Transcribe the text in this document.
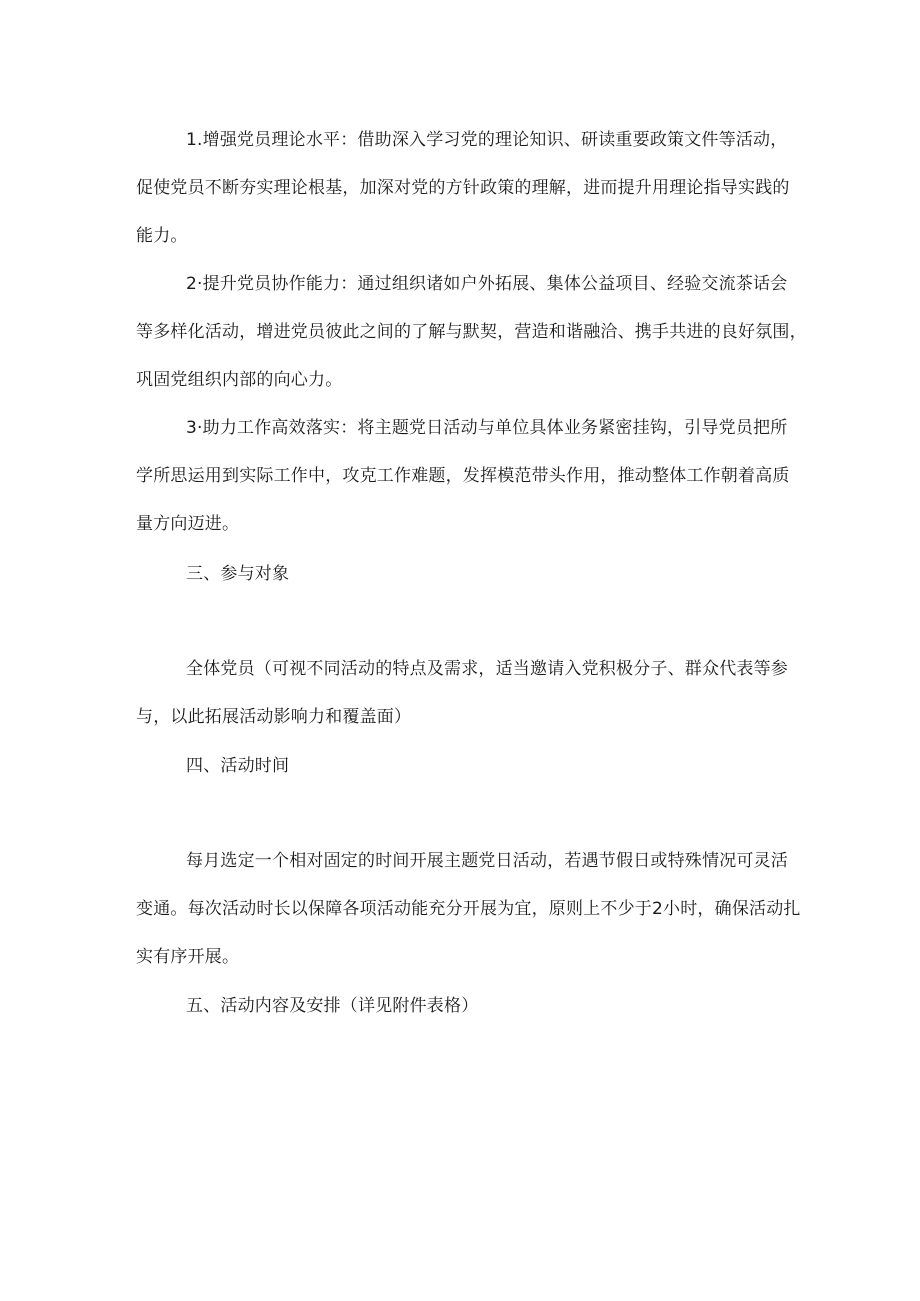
1.增强党员理论水平：借助深入学习党的理论知识、研读重要政策文件等活动，
促使党员不断夯实理论根基，加深对党的方针政策的理解，进而提升用理论指导实践的
能力。
2·提升党员协作能力：通过组织诸如户外拓展、集体公益项目、经验交流茶话会
等多样化活动，增进党员彼此之间的了解与默契，营造和谐融洽、携手共进的良好氛围，
巩固党组织内部的向心力。
3·助力工作高效落实：将主题党日活动与单位具体业务紧密挂钩，引导党员把所
学所思运用到实际工作中，攻克工作难题，发挥模范带头作用，推动整体工作朝着高质
量方向迈进。
三、参与对象
全体党员（可视不同活动的特点及需求，适当邀请入党积极分子、群众代表等参
与，以此拓展活动影响力和覆盖面）
四、活动时间
每月选定一个相对固定的时间开展主题党日活动，若遇节假日或特殊情况可灵活
变通。每次活动时长以保障各项活动能充分开展为宜，原则上不少于2小时，确保活动扎
实有序开展。
五、活动内容及安排（详见附件表格）
